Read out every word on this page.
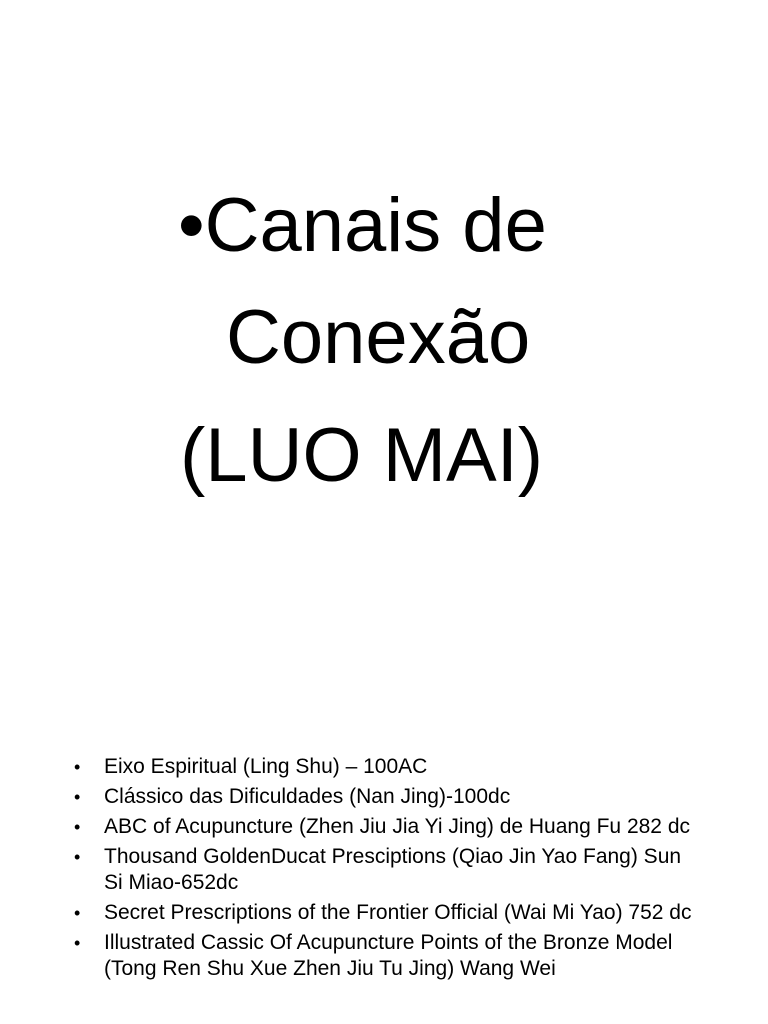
•Canais de
Conexão
(LUO MAI)
• Eixo Espiritual (Ling Shu) – 100AC
• Clássico das Dificuldades (Nan Jing)-100dc
• ABC of Acupuncture (Zhen Jiu Jia Yi Jing) de Huang Fu 282 dc
• Thousand GoldenDucat Presciptions (Qiao Jin Yao Fang) Sun Si Miao-652dc
• Secret Prescriptions of the Frontier Official (Wai Mi Yao) 752 dc
• Illustrated Cassic Of Acupuncture Points of the Bronze Model (Tong Ren Shu Xue Zhen Jiu Tu Jing) Wang Wei
